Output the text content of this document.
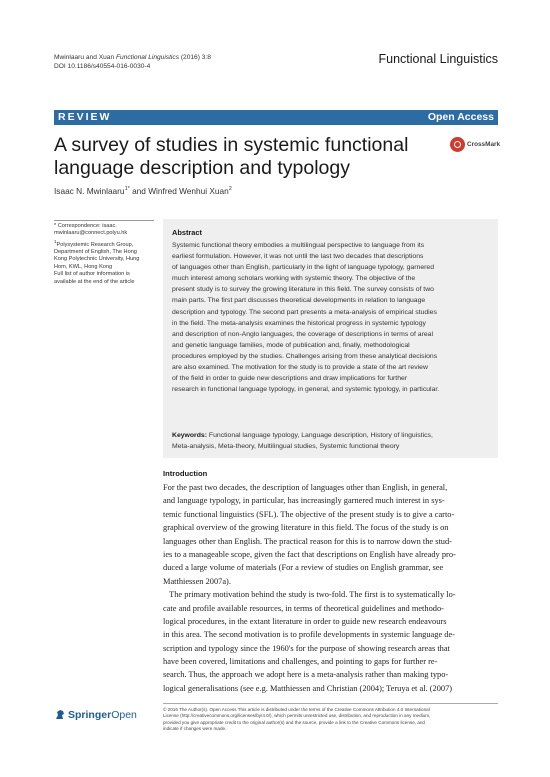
Mwinlaaru and Xuan Functional Linguistics (2016) 3:8
DOI 10.1186/s40554-016-0030-4
Functional Linguistics
REVIEW	Open Access
A survey of studies in systemic functional language description and typology
CrossMark
Isaac N. Mwinlaaru$^{1*}$ and Winfred Wenhui Xuan$^2$
* Correspondence: isaac.
mwinlaaru@connect.polyu.hk
$^1$Polysystemic Research Group,
Department of English, The Hong
Kong Polytechnic University, Hung
Hom, KWL, Hong Kong
Full list of author information is
available at the end of the article
Abstract
Systemic functional theory embodies a multilingual perspective to language from its
earliest formulation. However, it was not until the last two decades that descriptions
of languages other than English, particularly in the light of language typology, garnered
much interest among scholars working with systemic theory. The objective of the
present study is to survey the growing literature in this field. The survey consists of two
main parts. The first part discusses theoretical developments in relation to language
description and typology. The second part presents a meta-analysis of empirical studies
in the field. The meta-analysis examines the historical progress in systemic typology
and description of non-Anglo languages, the coverage of descriptions in terms of areal
and genetic language families, mode of publication and, finally, methodological
procedures employed by the studies. Challenges arising from these analytical decisions
are also examined. The motivation for the study is to provide a state of the art review
of the field in order to guide new descriptions and draw implications for further
research in functional language typology, in general, and systemic typology, in particular.
Keywords: Functional language typology, Language description, History of linguistics,
Meta-analysis, Meta-theory, Multilingual studies, Systemic functional theory
Introduction
For the past two decades, the description of languages other than English, in general,
and language typology, in particular, has increasingly garnered much interest in sys-
temic functional linguistics (SFL). The objective of the present study is to give a carto-
graphical overview of the growing literature in this field. The focus of the study is on
languages other than English. The practical reason for this is to narrow down the stud-
ies to a manageable scope, given the fact that descriptions on English have already pro-
duced a large volume of materials (For a review of studies on English grammar, see
Matthiessen 2007a).
The primary motivation behind the study is two-fold. The first is to systematically lo-
cate and profile available resources, in terms of theoretical guidelines and methodo-
logical procedures, in the extant literature in order to guide new research endeavours
in this area. The second motivation is to profile developments in systemic language de-
scription and typology since the 1960's for the purpose of showing research areas that
have been covered, limitations and challenges, and pointing to gaps for further re-
search. Thus, the approach we adopt here is a meta-analysis rather than making typo-
logical generalisations (see e.g. Matthiessen and Christian (2004); Teruya et al. (2007)
SpringerOpen	© 2016 The Author(s). Open Access This article is distributed under the terms of the Creative Commons Attribution 4.0 International
License (http://creativecommons.org/licenses/by/4.0/), which permits unrestricted use, distribution, and reproduction in any medium,
provided you give appropriate credit to the original author(s) and the source, provide a link to the Creative Commons license, and
indicate if changes were made.
